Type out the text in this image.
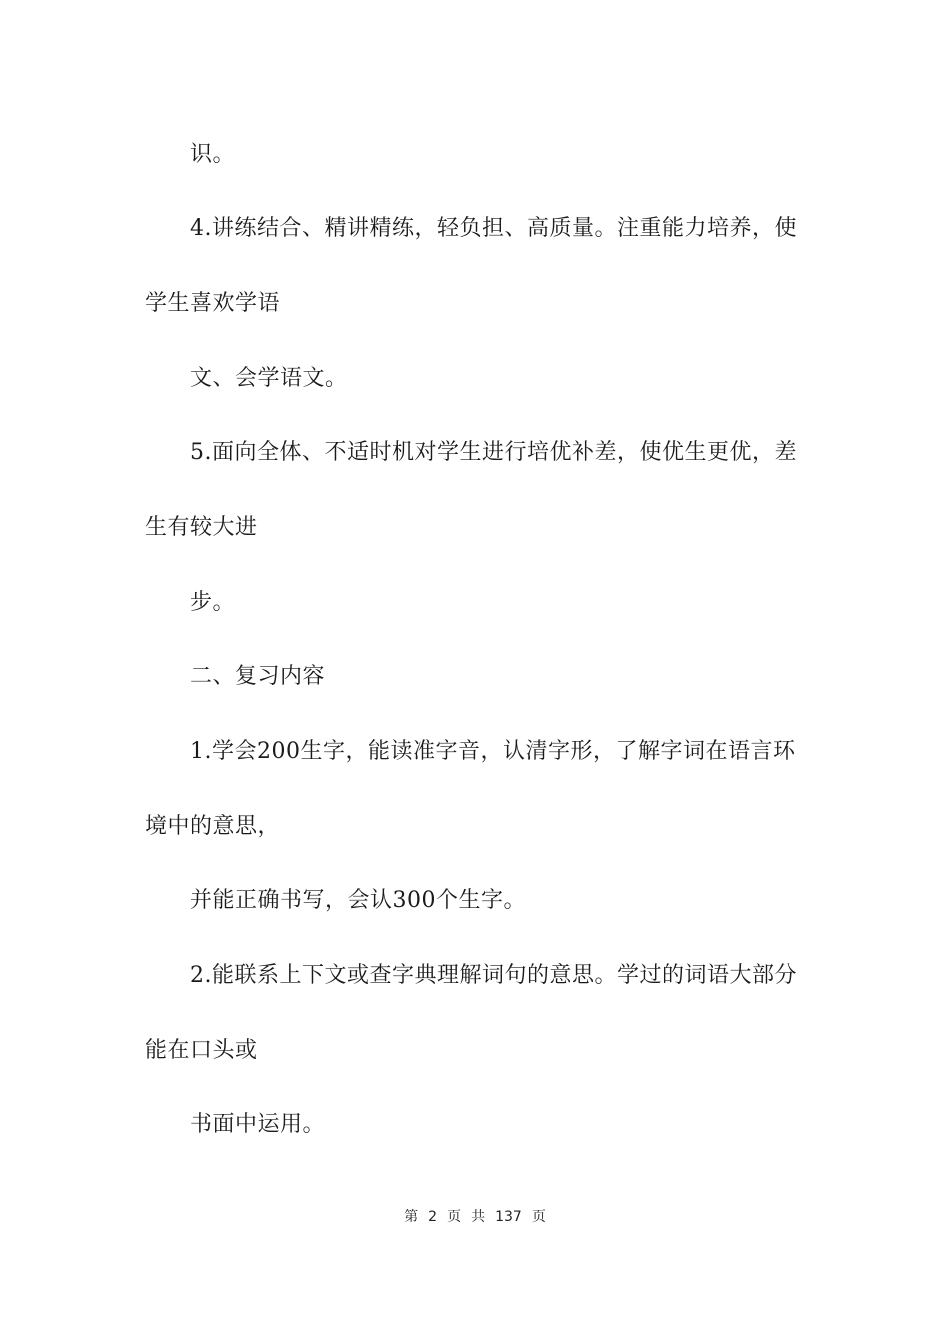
识。
4.讲练结合、精讲精练，轻负担、高质量。注重能力培养，使
学生喜欢学语
文、会学语文。
5.面向全体、不适时机对学生进行培优补差，使优生更优，差
生有较大进
步。
二、复习内容
1.学会200生字，能读准字音，认清字形，了解字词在语言环
境中的意思，
并能正确书写，会认300个生字。
2.能联系上下文或查字典理解词句的意思。学过的词语大部分
能在口头或
书面中运用。
第 2 页 共 137 页
